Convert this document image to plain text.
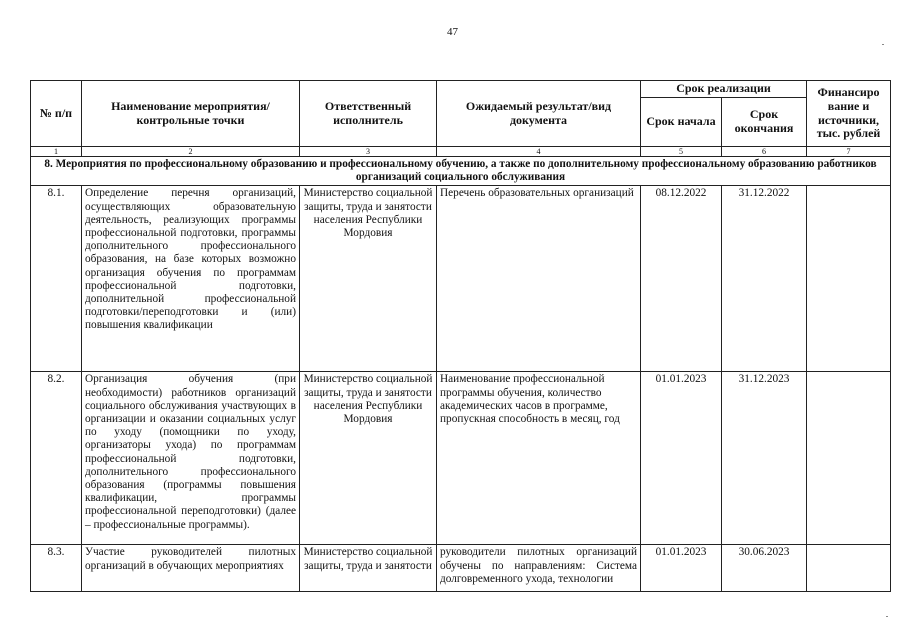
47
№ п/п	Наименование мероприятия/ контрольные точки	Ответственный исполнитель	Ожидаемый результат/вид документа	Срок реализации		Финансиро вание и источники, тыс. рублей
				Срок начала	Срок окончания	
1	2	3	4	5	6	7
8. Мероприятия по профессиональному образованию и профессиональному обучению, а также по дополнительному профессиональному образованию работников организаций социального обслуживания						
8.1.	Определение перечня организаций, осуществляющих образовательную деятельность, реализующих программы профессиональной подготовки, программы дополнительного профессионального образования, на базе которых возможно организация обучения по программам профессиональной подготовки, дополнительной профессиональной подготовки/переподготовки и (или) повышения квалификации	Министерство социальной защиты, труда и занятости населения Республики Мордовия	Перечень образовательных организаций	08.12.2022	31.12.2022	
8.2.	Организация обучения (при необходимости) работников организаций социального обслуживания участвующих в организации и оказании социальных услуг по уходу (помощники по уходу, организаторы ухода) по программам профессиональной подготовки, дополнительного профессионального образования (программы повышения квалификации, программы профессиональной переподготовки) (далее – профессиональные программы).	Министерство социальной защиты, труда и занятости населения Республики Мордовия	Наименование профессиональной программы обучения, количество академических часов в программе, пропускная способность в месяц, год	01.01.2023	31.12.2023	
8.3.	Участие руководителей пилотных организаций в обучающих мероприятиях	Министерство социальной защиты, труда и занятости	руководители пилотных организаций обучены по направлениям: Система долговременного ухода, технологии	01.01.2023	30.06.2023	
